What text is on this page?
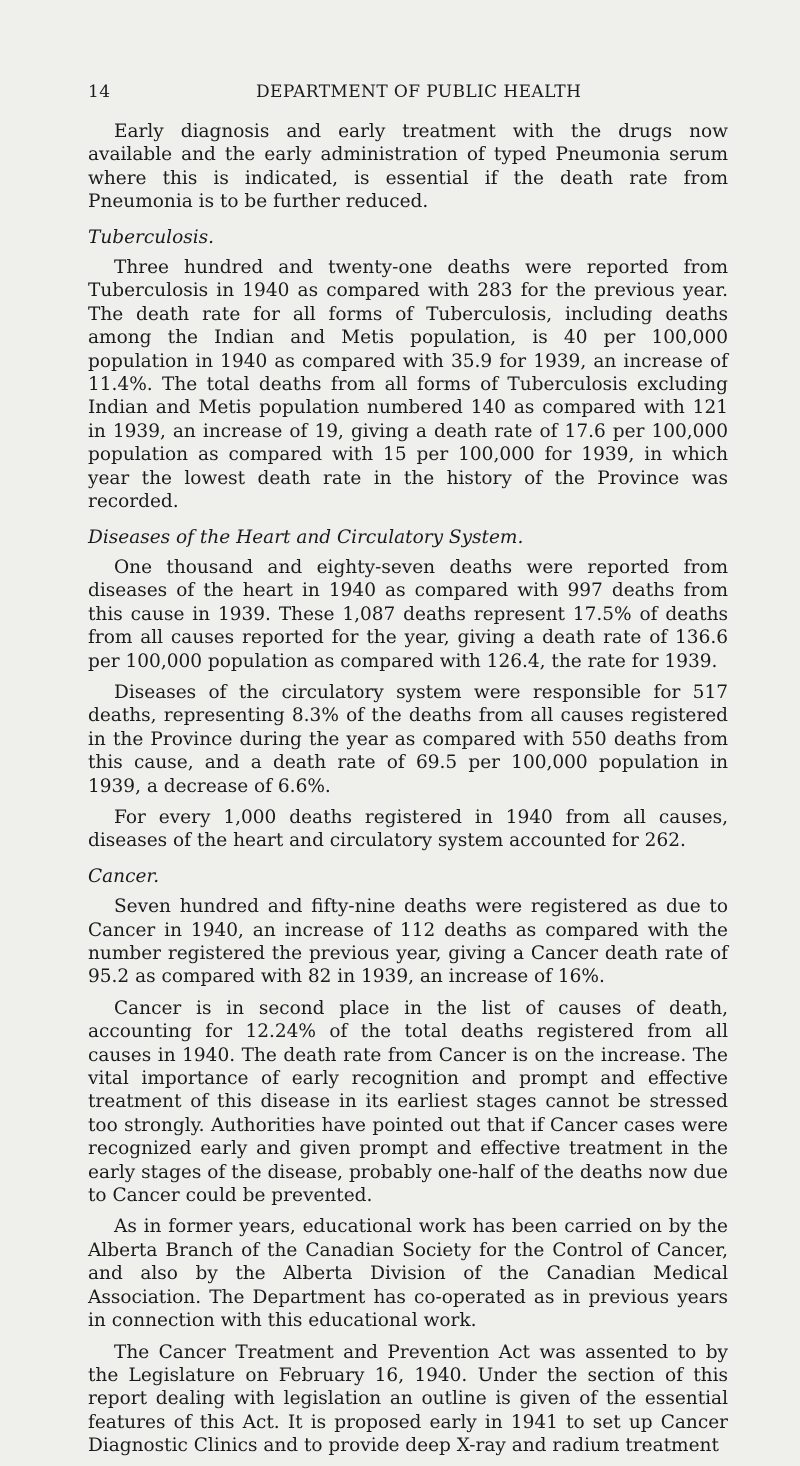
14	DEPARTMENT OF PUBLIC HEALTH

Early diagnosis and early treatment with the drugs now available and the early administration of typed Pneumonia serum where this is indicated, is essential if the death rate from Pneumonia is to be further reduced.

Tuberculosis.

Three hundred and twenty-one deaths were reported from Tuberculosis in 1940 as compared with 283 for the previous year. The death rate for all forms of Tuberculosis, including deaths among the Indian and Metis population, is 40 per 100,000 population in 1940 as compared with 35.9 for 1939, an increase of 11.4%. The total deaths from all forms of Tuberculosis excluding Indian and Metis population numbered 140 as compared with 121 in 1939, an increase of 19, giving a death rate of 17.6 per 100,000 population as compared with 15 per 100,000 for 1939, in which year the lowest death rate in the history of the Province was recorded.

Diseases of the Heart and Circulatory System.

One thousand and eighty-seven deaths were reported from diseases of the heart in 1940 as compared with 997 deaths from this cause in 1939. These 1,087 deaths represent 17.5% of deaths from all causes reported for the year, giving a death rate of 136.6 per 100,000 population as compared with 126.4, the rate for 1939.

Diseases of the circulatory system were responsible for 517 deaths, representing 8.3% of the deaths from all causes registered in the Province during the year as compared with 550 deaths from this cause, and a death rate of 69.5 per 100,000 population in 1939, a decrease of 6.6%.

For every 1,000 deaths registered in 1940 from all causes, diseases of the heart and circulatory system accounted for 262.

Cancer.

Seven hundred and fifty-nine deaths were registered as due to Cancer in 1940, an increase of 112 deaths as compared with the number registered the previous year, giving a Cancer death rate of 95.2 as compared with 82 in 1939, an increase of 16%.

Cancer is in second place in the list of causes of death, accounting for 12.24% of the total deaths registered from all causes in 1940. The death rate from Cancer is on the increase. The vital importance of early recognition and prompt and effective treatment of this disease in its earliest stages cannot be stressed too strongly. Authorities have pointed out that if Cancer cases were recognized early and given prompt and effective treatment in the early stages of the disease, probably one-half of the deaths now due to Cancer could be prevented.

As in former years, educational work has been carried on by the Alberta Branch of the Canadian Society for the Control of Cancer, and also by the Alberta Division of the Canadian Medical Association. The Department has co-operated as in previous years in connection with this educational work.

The Cancer Treatment and Prevention Act was assented to by the Legislature on February 16, 1940. Under the section of this report dealing with legislation an outline is given of the essential features of this Act. It is proposed early in 1941 to set up Cancer Diagnostic Clinics and to provide deep X-ray and radium treatment
